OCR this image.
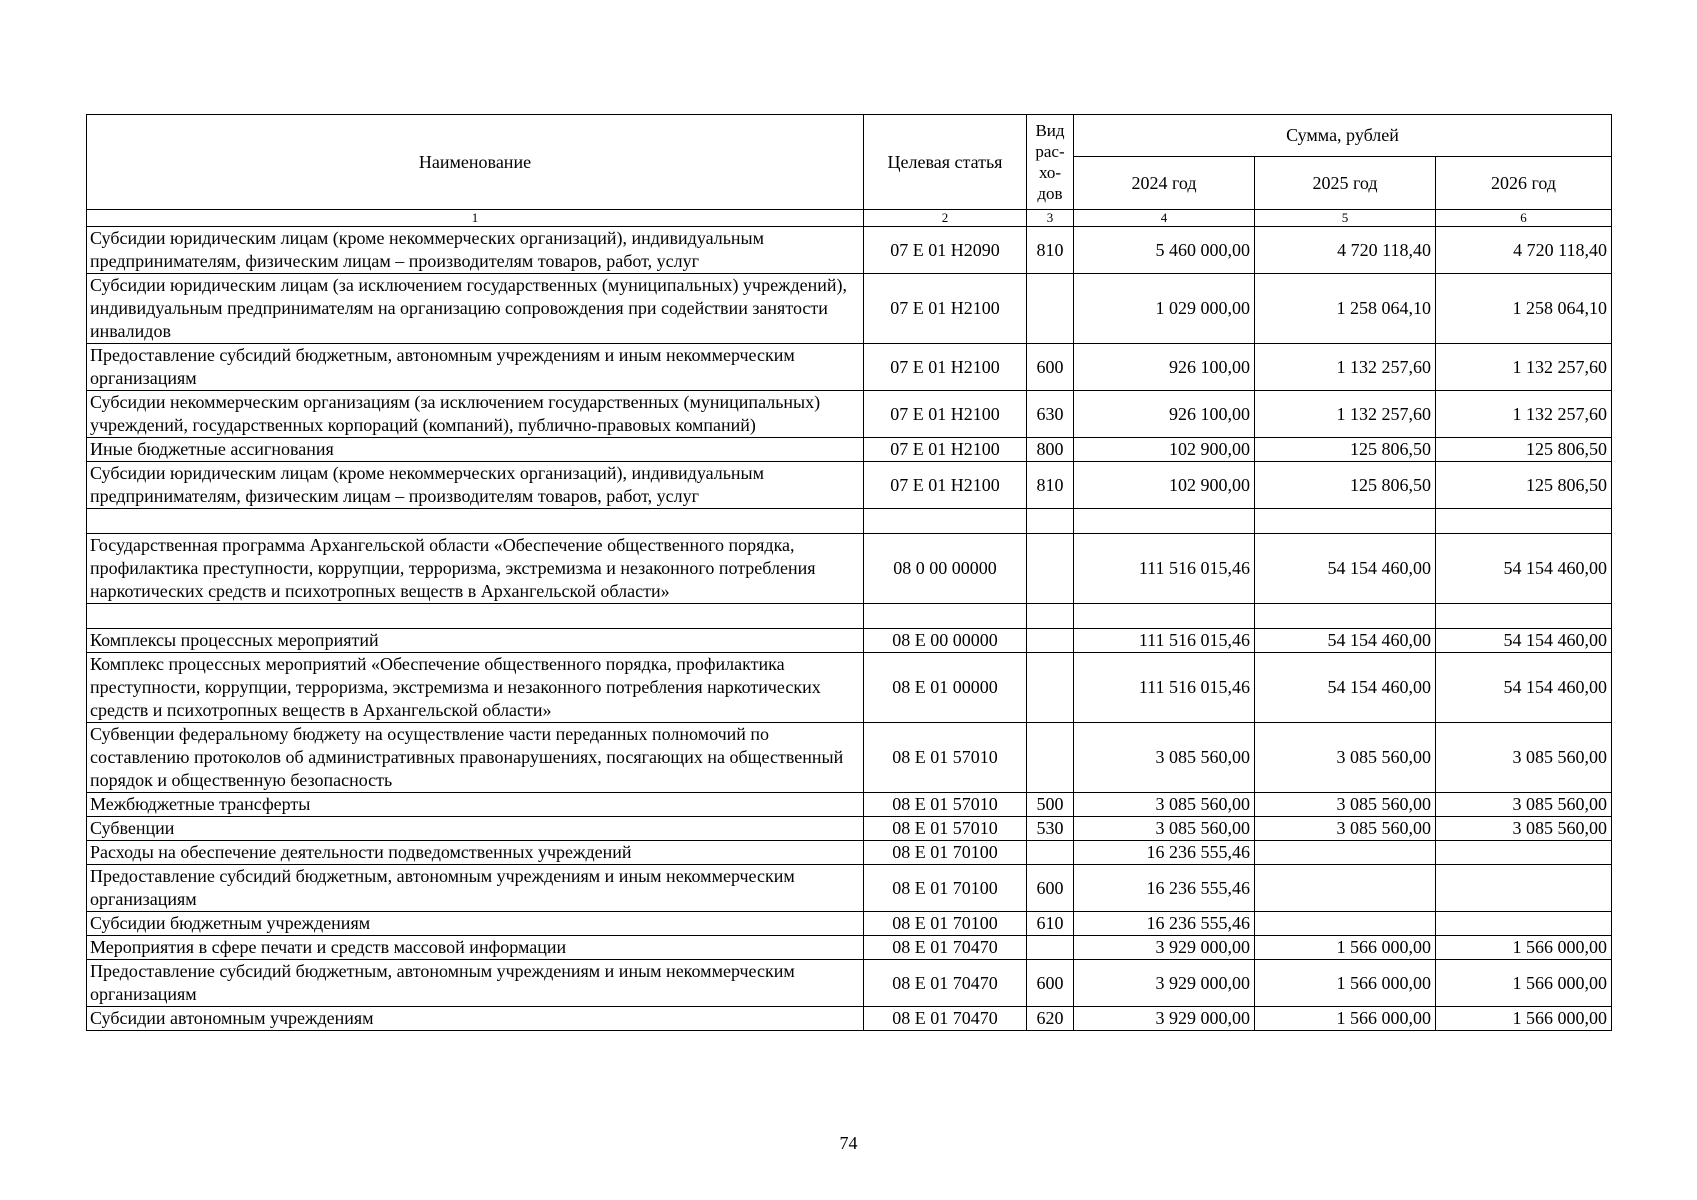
Наименование	Целевая статья	Вид
рас-
хо-
дов	Сумма, рублей		
			2024 год	2025 год	2026 год
1	2	3	4	5	6
Субсидии юридическим лицам (кроме некоммерческих организаций), индивидуальным предпринимателям, физическим лицам – производителям товаров, работ, услуг	07 Е 01 Н2090	810	5 460 000,00	4 720 118,40	4 720 118,40
Субсидии юридическим лицам (за исключением государственных (муниципальных) учреждений), индивидуальным предпринимателям на организацию сопровождения при содействии занятости инвалидов	07 Е 01 Н2100		1 029 000,00	1 258 064,10	1 258 064,10
Предоставление субсидий бюджетным, автономным учреждениям и иным некоммерческим организациям	07 Е 01 Н2100	600	926 100,00	1 132 257,60	1 132 257,60
Субсидии некоммерческим организациям (за исключением государственных (муниципальных) учреждений, государственных корпораций (компаний), публично-правовых компаний)	07 Е 01 Н2100	630	926 100,00	1 132 257,60	1 132 257,60
Иные бюджетные ассигнования	07 Е 01 Н2100	800	102 900,00	125 806,50	125 806,50
Субсидии юридическим лицам (кроме некоммерческих организаций), индивидуальным предпринимателям, физическим лицам – производителям товаров, работ, услуг	07 Е 01 Н2100	810	102 900,00	125 806,50	125 806,50

Государственная программа Архангельской области «Обеспечение общественного порядка, профилактика преступности, коррупции, терроризма, экстремизма и незаконного потребления наркотических средств и психотропных веществ в Архангельской области»	08 0 00 00000		111 516 015,46	54 154 460,00	54 154 460,00

Комплексы процессных мероприятий	08 Е 00 00000		111 516 015,46	54 154 460,00	54 154 460,00
Комплекс процессных мероприятий «Обеспечение общественного порядка, профилактика преступности, коррупции, терроризма, экстремизма и незаконного потребления наркотических средств и психотропных веществ в Архангельской области»	08 Е 01 00000		111 516 015,46	54 154 460,00	54 154 460,00
Субвенции федеральному бюджету на осуществление части переданных полномочий по составлению протоколов об административных правонарушениях, посягающих на общественный порядок и общественную безопасность	08 Е 01 57010		3 085 560,00	3 085 560,00	3 085 560,00
Межбюджетные трансферты	08 Е 01 57010	500	3 085 560,00	3 085 560,00	3 085 560,00
Субвенции	08 Е 01 57010	530	3 085 560,00	3 085 560,00	3 085 560,00
Расходы на обеспечение деятельности подведомственных учреждений	08 Е 01 70100		16 236 555,46		
Предоставление субсидий бюджетным, автономным учреждениям и иным некоммерческим организациям	08 Е 01 70100	600	16 236 555,46		
Субсидии бюджетным учреждениям	08 Е 01 70100	610	16 236 555,46		
Мероприятия в сфере печати и средств массовой информации	08 Е 01 70470		3 929 000,00	1 566 000,00	1 566 000,00
Предоставление субсидий бюджетным, автономным учреждениям и иным некоммерческим организациям	08 Е 01 70470	600	3 929 000,00	1 566 000,00	1 566 000,00
Субсидии автономным учреждениям	08 Е 01 70470	620	3 929 000,00	1 566 000,00	1 566 000,00
74
